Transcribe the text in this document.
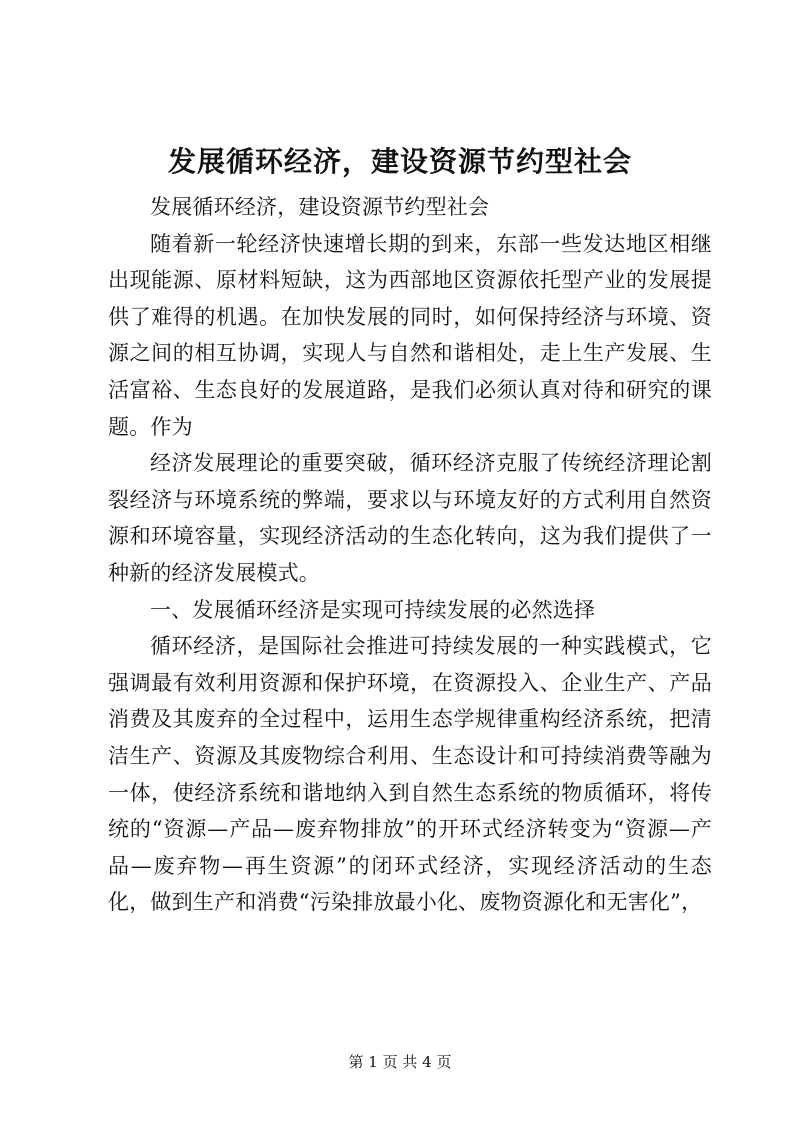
发展循环经济，建设资源节约型社会

发展循环经济，建设资源节约型社会

随着新一轮经济快速增长期的到来，东部一些发达地区相继出现能源、原材料短缺，这为西部地区资源依托型产业的发展提供了难得的机遇。在加快发展的同时，如何保持经济与环境、资源之间的相互协调，实现人与自然和谐相处，走上生产发展、生活富裕、生态良好的发展道路，是我们必须认真对待和研究的课题。作为

经济发展理论的重要突破，循环经济克服了传统经济理论割裂经济与环境系统的弊端，要求以与环境友好的方式利用自然资源和环境容量，实现经济活动的生态化转向，这为我们提供了一种新的经济发展模式。

一、发展循环经济是实现可持续发展的必然选择

循环经济，是国际社会推进可持续发展的一种实践模式，它强调最有效利用资源和保护环境，在资源投入、企业生产、产品消费及其废弃的全过程中，运用生态学规律重构经济系统，把清洁生产、资源及其废物综合利用、生态设计和可持续消费等融为一体，使经济系统和谐地纳入到自然生态系统的物质循环，将传统的“资源—产品—废弃物排放”的开环式经济转变为“资源—产品—废弃物—再生资源”的闭环式经济，实现经济活动的生态化，做到生产和消费“污染排放最小化、废物资源化和无害化”，

第 1 页 共 4 页
